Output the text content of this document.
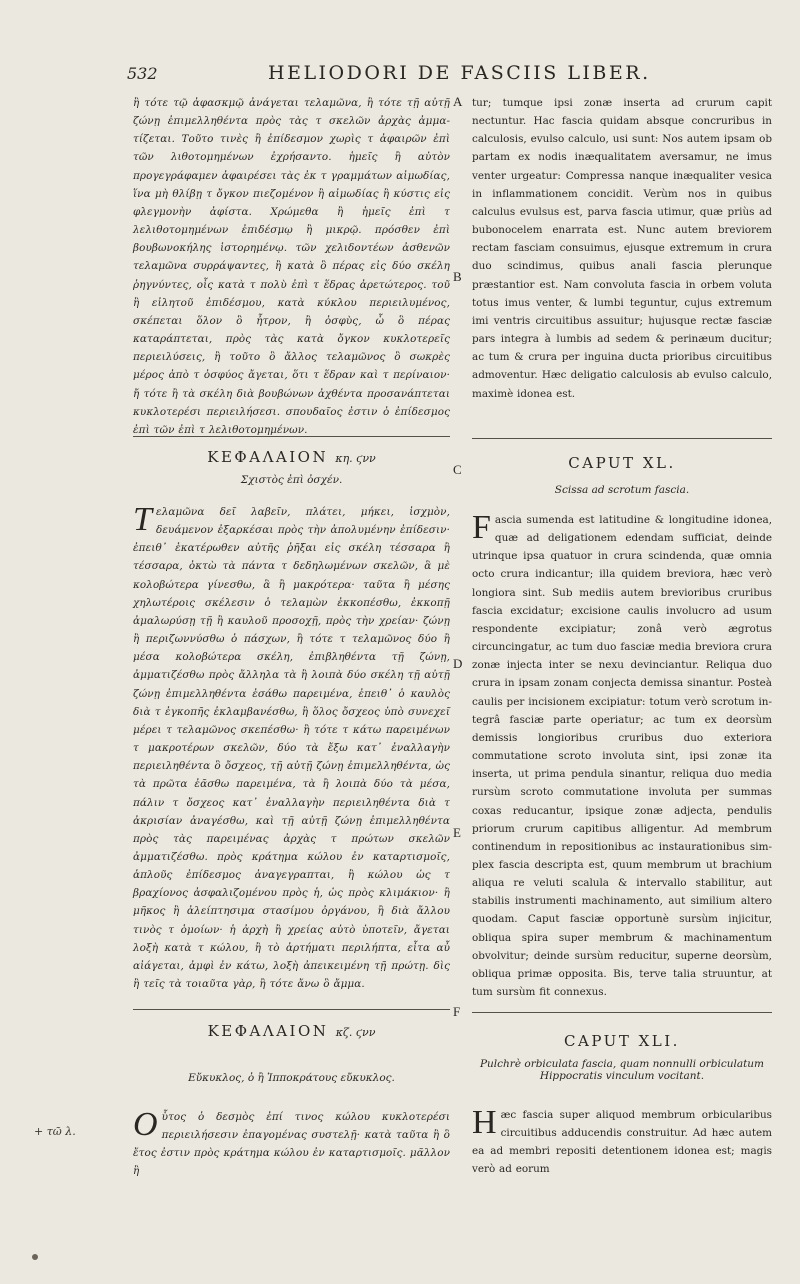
532	HELIODORI DE FASCIIS LIBER.
A
B
C
D
E
F
+ τῶ λ.
ἢ τότε τῷ ἀφασκμῷ ἀνάγεται τελαμῶνα, ἢ τότε τῇ αὐτῇ ζώνῃ ἐπιμελληθέντα πρὸς τὰς τ σκελῶν ἀρχὰς ἀμματίζεται. Τοῦτο τινὲς ἢ ἐπίδεσμον χωρὶς τ ἀφαιρῶν ἐπὶ τῶν λιθοτομημένων ἐχρήσαντο. ἡμεῖς ἢ αὐτὸν προγεγράφαμεν ἀφαιρέσει τὰς ἐκ τ γραμμάτων αἰμωδίας, ἵνα μὴ θλίβῃ τ ὄγκον πιεζομένον ἢ αἰμωδίας ἢ κύστις εἰς φλεγμονὴν ἀφίστα. Χρώμεθα ἢ ἡμεῖς ἐπὶ τ λελιθοτομημένων ἐπιδέσμῳ ἢ μικρῷ. πρόσθεν ἐπὶ βουβωνοκήλης ἱστορημένῳ. τῶν χελιδοντέων ἀσθενῶν τελαμῶνα συρράψαντες, ἢ κατὰ ὃ πέρας εἰς δύο σκέλη ῥηγνύντες, οἷς κατὰ τ πολὺ ἐπὶ τ ἕδρας ἀρετώτερος. τοῦ ἢ εἰλητοῦ ἐπιδέσμου, κατὰ κύκλου περιειλυμένος, σκέπεται ὅλον ὃ ἦτρον, ἢ ὀσφὺς, ὧ ὃ πέρας καταράπτεται, πρὸς τὰς κατὰ ὄγκον κυκλοτερεῖς περιειλύσεις, ἢ τοῦτο ὃ ἄλλος τελαμῶνος ὃ σωκρὲς μέρος ἀπὸ τ ὀσφύος ἄγεται, ὅτι τ ἕδραν καὶ τ περίναιον· ἤ τότε ἢ τὰ σκέλη διὰ βουβώνων ἀχθέντα προσανάπτεται κυκλοτερέσι περιειλήσεσι. σπουδαῖος ἐστιν ὁ ἐπίδεσμος ἐπὶ τῶν ἐπὶ τ λελιθοτομημένων.
ΚΕΦΑΛΑΙΟΝ κη. ϛνν
Σχιστὸς ἐπὶ ὀσχέν.
T ελαμῶνα δεῖ λαβεῖν, πλάτει, μήκει, ἰσχμὸν, δευάμενον ἐξαρκέσαι πρὸς τὴν ἀπολυμένην ἐπίδεσιν· ἐπειθ᾽ ἑκατέρωθεν αὐτῆς ῥῆξαι εἰς σκέλη τέσσαρα ἢ τέσσαρα, ὀκτὼ τὰ πάντα τ δεδηλωμένων σκελῶν, ἃ μὲ κολοβώτερα γίνεσθω, ἃ ἢ μακρότερα· ταῦτα ἢ μέσης χηλωτέροις σκέλεσιν ὁ τελαμὼν ἐκκοπέσθω, ἐκκοπῇ ἀμαλωρύσῃ τῇ ἢ καυλοῦ προσοχῇ, πρὸς τὴν χρείαν· ζώνῃ ἢ περιζωννύσθω ὁ πάσχων, ἢ τότε τ τελαμῶνος δύο ἢ μέσα κολοβώτερα σκέλη, ἐπιβληθέντα τῇ ζώνῃ, ἀμματιζέσθω πρὸς ἄλληλα τὰ ἢ λοιπὰ δύο σκέλη τῇ αὐτῇ ζώνῃ ἐπιμελληθέντα ἐσάθω παρειμένα, ἐπειθ᾽ ὁ καυλὸς διὰ τ ἐγκοπῆς ἐκλαμβανέσθω, ἢ ὅλος ὄσχεος ὑπὸ συνεχεῖ μέρει τ τελαμῶνος σκεπέσθω· ἢ τότε τ κάτω παρειμένων τ μακροτέρων σκελῶν, δύο τὰ ἔξω κατ᾽ ἐναλλαγὴν περιειληθέντα ὃ ὄσχεος, τῇ αὐτῇ ζώνῃ ἐπιμελληθέντα, ὡς τὰ πρῶτα ἐᾶσθω παρειμένα, τὰ ἢ λοιπὰ δύο τὰ μέσα, πάλιν τ ὄσχεος κατ᾽ ἐναλλαγὴν περιειληθέντα διὰ τ ἀκρισίαν ἀναγέσθω, καὶ τῇ αὐτῇ ζώνῃ ἐπιμελληθέντα πρὸς τὰς παρειμένας ἀρχὰς τ πρώτων σκελῶν ἀμματιζέσθω. πρὸς κράτημα κώλου ἐν καταρτισμοῖς, ἁπλοῦς ἐπίδεσμος ἀναγεγραπται, ἢ κώλου ὡς τ βραχίονος ἀσφαλιζομένου πρὸς ἡ, ὡς πρὸς κλιμάκιον· ἢ μῆκος ἢ ἀλείπτησιμα στασίμου ὀργάνου, ἢ διὰ ἄλλου τινὸς τ ὁμοίων· ἡ ἀρχὴ ἢ χρείας αὐτὸ ὑποτεῖν, ἄγεται λοξὴ κατὰ τ κώλου, ἢ τὸ ἀρτήματι περιλήπτα, εἶτα αὖ αἰάγεται, ἀμφὶ ἐν κάτω, λοξὴ ἀπεικειμένη τῇ πρώτῃ. δὶς ἢ τεῖς τὰ τοιαῦτα γὰρ, ἢ τότε ἄνω ὃ ἄμμα.
ΚΕΦΑΛΑΙΟΝ κζ. ϛνν
Εὔκυκλος, ὁ ἢ Ἱπποκράτους εὔκυκλος.
O ὗτος ὁ δεσμὸς ἐπί τινος κώλου κυκλοτερέσι περιειλήσεσιν ἐπαγομένας συστελῇ· κατὰ ταῦτα ἢ ὃ ἔτος ἐστιν πρὸς κράτημα κώλου ἐν καταρτισμοῖς. μᾶλλον ἢ
tur; tumque ipsi zonæ inserta ad crurum capit nectuntur. Hac fascia quidam absque concruribus in calculosis, evulso calculo, usi sunt: Nos autem ipsam ob partam ex nodis inæqualitatem aversamur, ne imus venter urgeatur: Compressa nanque inæqualiter vesica in inflammationem concidit. Verùm nos in quibus calculus evulsus est, parva fascia utimur, quæ priùs ad bubonocelem enarrata est. Nunc autem breviorem rectam fasciam consuimus, ejusque extremum in crura duo scindimus, quibus anali fascia plerunque præstantior est. Nam convoluta fascia in orbem voluta totus imus venter, & lumbi teguntur, cujus extremum imi ventris circuitibus assuitur; hujusque rectæ fasciæ pars integra à lumbis ad sedem & perinæum ducitur; ac tum & crura per inguina ducta prioribus circuitibus admoventur. Hæc deligatio calculosis ab evulso calculo, maximè idonea est.
CAPUT XL.
Scissa ad scrotum fascia.
F ascia sumenda est latitudine & longitudine idonea, quæ ad deligationem edendam sufficiat, deinde utrinque ipsa quatuor in crura scindenda, quæ omnia octo crura indicantur; illa quidem breviora, hæc verò longiora sint. Sub mediis autem brevioribus cruribus fascia excidatur; excisione caulis involucro ad usum respondente excipiatur; zonâ verò ægrotus circuncingatur, ac tum duo fasciæ media breviora crura zonæ injecta inter se nexu devinciantur. Reliqua duo crura in ipsam zonam conjecta demissa sinantur. Posteà caulis per incisionem excipiatur: totum verò scrotum integrâ fasciæ parte operiatur; ac tum ex deorsùm demissis longioribus cruribus duo exteriora commutatione scroto involuta sint, ipsi zonæ ita inserta, ut prima pendula sinantur, reliqua duo media rursùm scroto commutatione involuta per summas coxas reducantur, ipsique zonæ adjecta, pendulis priorum crurum capitibus alligentur. Ad membrum continendum in repositionibus ac instaurationibus simplex fascia descripta est, quum membrum ut brachium aliqua re veluti scalula & intervallo stabilitur, aut stabilis instrumenti machinamento, aut similium altero quodam. Caput fasciæ opportunè sursùm injicitur, obliqua spira super membrum & machinamentum obvolvitur; deinde sursùm reducitur, superne deorsùm, obliqua primæ opposita. Bis, terve talia struuntur, at tum sursùm fit connexus.
CAPUT XLI.
Pulchrè orbiculata fascia, quam nonnulli orbiculatum Hippocratis vinculum vocitant.
H æc fascia super aliquod membrum orbicularibus circuitibus adducendis construitur. Ad hæc autem ea ad membri repositi detentionem idonea est; magis verò ad eorum
